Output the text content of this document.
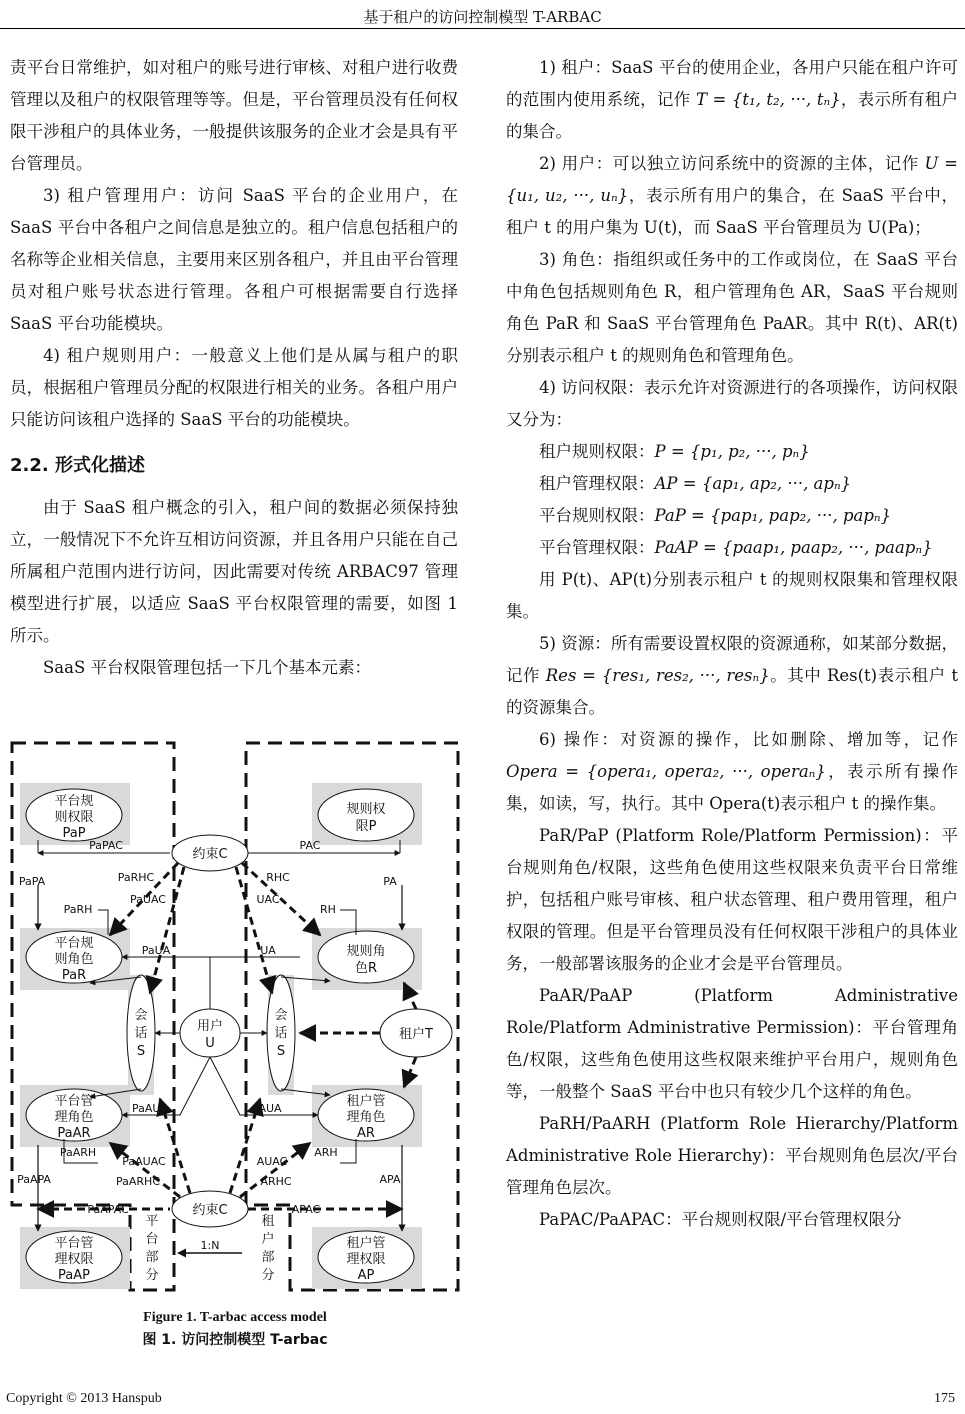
基于租户的访问控制模型 T-ARBAC

责平台日常维护，如对租户的账号进行审核、对租户进行收费管理以及租户的权限管理等等。但是，平台管理员没有任何权限干涉租户的具体业务，一般提供该服务的企业才会是具有平台管理员。

3) 租户管理用户：访问 SaaS 平台的企业用户，在 SaaS 平台中各租户之间信息是独立的。租户信息包括租户的名称等企业相关信息，主要用来区别各租户，并且由平台管理员对租户账号状态进行管理。各租户可根据需要自行选择 SaaS 平台功能模块。

4) 租户规则用户：一般意义上他们是从属与租户的职员，根据租户管理员分配的权限进行相关的业务。各租户用户只能访问该租户选择的 SaaS 平台的功能模块。

2.2. 形式化描述

由于 SaaS 租户概念的引入，租户间的数据必须保持独立，一般情况下不允许互相访问资源，并且各用户只能在自己所属租户范围内进行访问，因此需要对传统 ARBAC97 管理模型进行扩展，以适应 SaaS 平台权限管理的需要，如图 1 所示。

SaaS 平台权限管理包括一下几个基本元素：

平台规
则权限
PaP
规则权
限P
约束C
平台规
则角色
PaR
规则角
色R
会
话
S
会
话
S
用户
U
租户T
平台管
理角色
PaAR
租户管
理角色
AR
约束C
平台管
理权限
PaAP
租户管
理权限
AP
平
台
部
分
租
户
部
分
1:N
PaPAC	PAC
PaPA	PA
PaRHC	RHC
PaUAC	UAC
PaRH	RH
PaUA	UA
PaAUA	AUA
PaARH	ARH
PaAUAC	AUAC
PaARHC	ARHC
PaAPA	APA
PaAPAC	APAC
Figure 1. T-arbac access model
图 1. 访问控制模型 T-arbac

1) 租户：SaaS 平台的使用企业，各用户只能在租户许可的范围内使用系统，记作 T = {t₁, t₂, ···, tₙ}，表示所有租户的集合。

2) 用户：可以独立访问系统中的资源的主体，记作 U = {u₁, u₂, ···, uₙ}，表示所有用户的集合，在 SaaS 平台中，租户 t 的用户集为 U(t)，而 SaaS 平台管理员为 U(Pa)；

3) 角色：指组织或任务中的工作或岗位，在 SaaS 平台中角色包括规则角色 R，租户管理角色 AR，SaaS 平台规则角色 PaR 和 SaaS 平台管理角色 PaAR。其中 R(t)、AR(t)分别表示租户 t 的规则角色和管理角色。

4) 访问权限：表示允许对资源进行的各项操作，访问权限又分为：

租户规则权限：P = {p₁, p₂, ···, pₙ}

租户管理权限：AP = {ap₁, ap₂, ···, apₙ}

平台规则权限：PaP = {pap₁, pap₂, ···, papₙ}

平台管理权限：PaAP = {paap₁, paap₂, ···, paapₙ}

用 P(t)、AP(t)分别表示租户 t 的规则权限集和管理权限集。

5) 资源：所有需要设置权限的资源通称，如某部分数据，记作 Res = {res₁, res₂, ···, resₙ}。其中 Res(t)表示租户 t 的资源集合。

6) 操作：对资源的操作，比如删除、增加等，记作 Opera = {opera₁, opera₂, ···, operaₙ}，表示所有操作集，如读，写，执行。其中 Opera(t)表示租户 t 的操作集。

PaR/PaP (Platform Role/Platform Permission)：平台规则角色/权限，这些角色使用这些权限来负责平台日常维护，包括租户账号审核、租户状态管理、租户费用管理，租户权限的管理。但是平台管理员没有任何权限干涉租户的具体业务，一般部署该服务的企业才会是平台管理员。

PaAR/PaAP (Platform Administrative Role/Platform Administrative Permission)：平台管理角色/权限，这些角色使用这些权限来维护平台用户，规则角色等，一般整个 SaaS 平台中也只有较少几个这样的角色。

PaRH/PaARH (Platform Role Hierarchy/Platform Administrative Role Hierarchy)：平台规则角色层次/平台管理角色层次。

PaPAC/PaAPAC：平台规则权限/平台管理权限分

Copyright © 2013 Hanspub	175
